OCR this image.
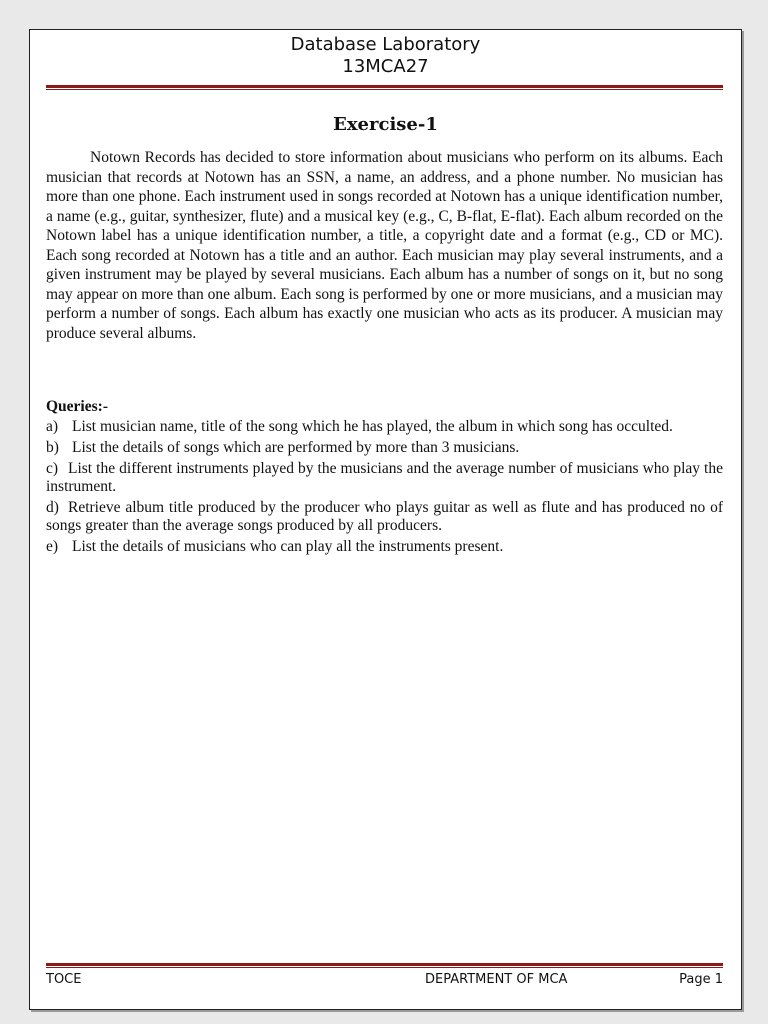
Database Laboratory
13MCA27
Exercise-1

Notown Records has decided to store information about musicians who perform on its albums. Each musician that records at Notown has an SSN, a name, an address, and a phone number. No musician has more than one phone. Each instrument used in songs recorded at Notown has a unique identification number, a name (e.g., guitar, synthesizer, flute) and a musical key (e.g., C, B-flat, E-flat). Each album recorded on the Notown label has a unique identification number, a title, a copyright date and a format (e.g., CD or MC). Each song recorded at Notown has a title and an author. Each musician may play several instruments, and a given instrument may be played by several musicians. Each album has a number of songs on it, but no song may appear on more than one album. Each song is performed by one or more musicians, and a musician may perform a number of songs. Each album has exactly one musician who acts as its producer. A musician may produce several albums.

Queries:-
a) List musician name, title of the song which he has played, the album in which song has occulted.
b) List the details of songs which are performed by more than 3 musicians.
c) List the different instruments played by the musicians and the average number of musicians who play the instrument.
d) Retrieve album title produced by the producer who plays guitar as well as flute and has produced no of songs greater than the average songs produced by all producers.
e) List the details of musicians who can play all the instruments present.
TOCE	DEPARTMENT OF MCA	Page 1
